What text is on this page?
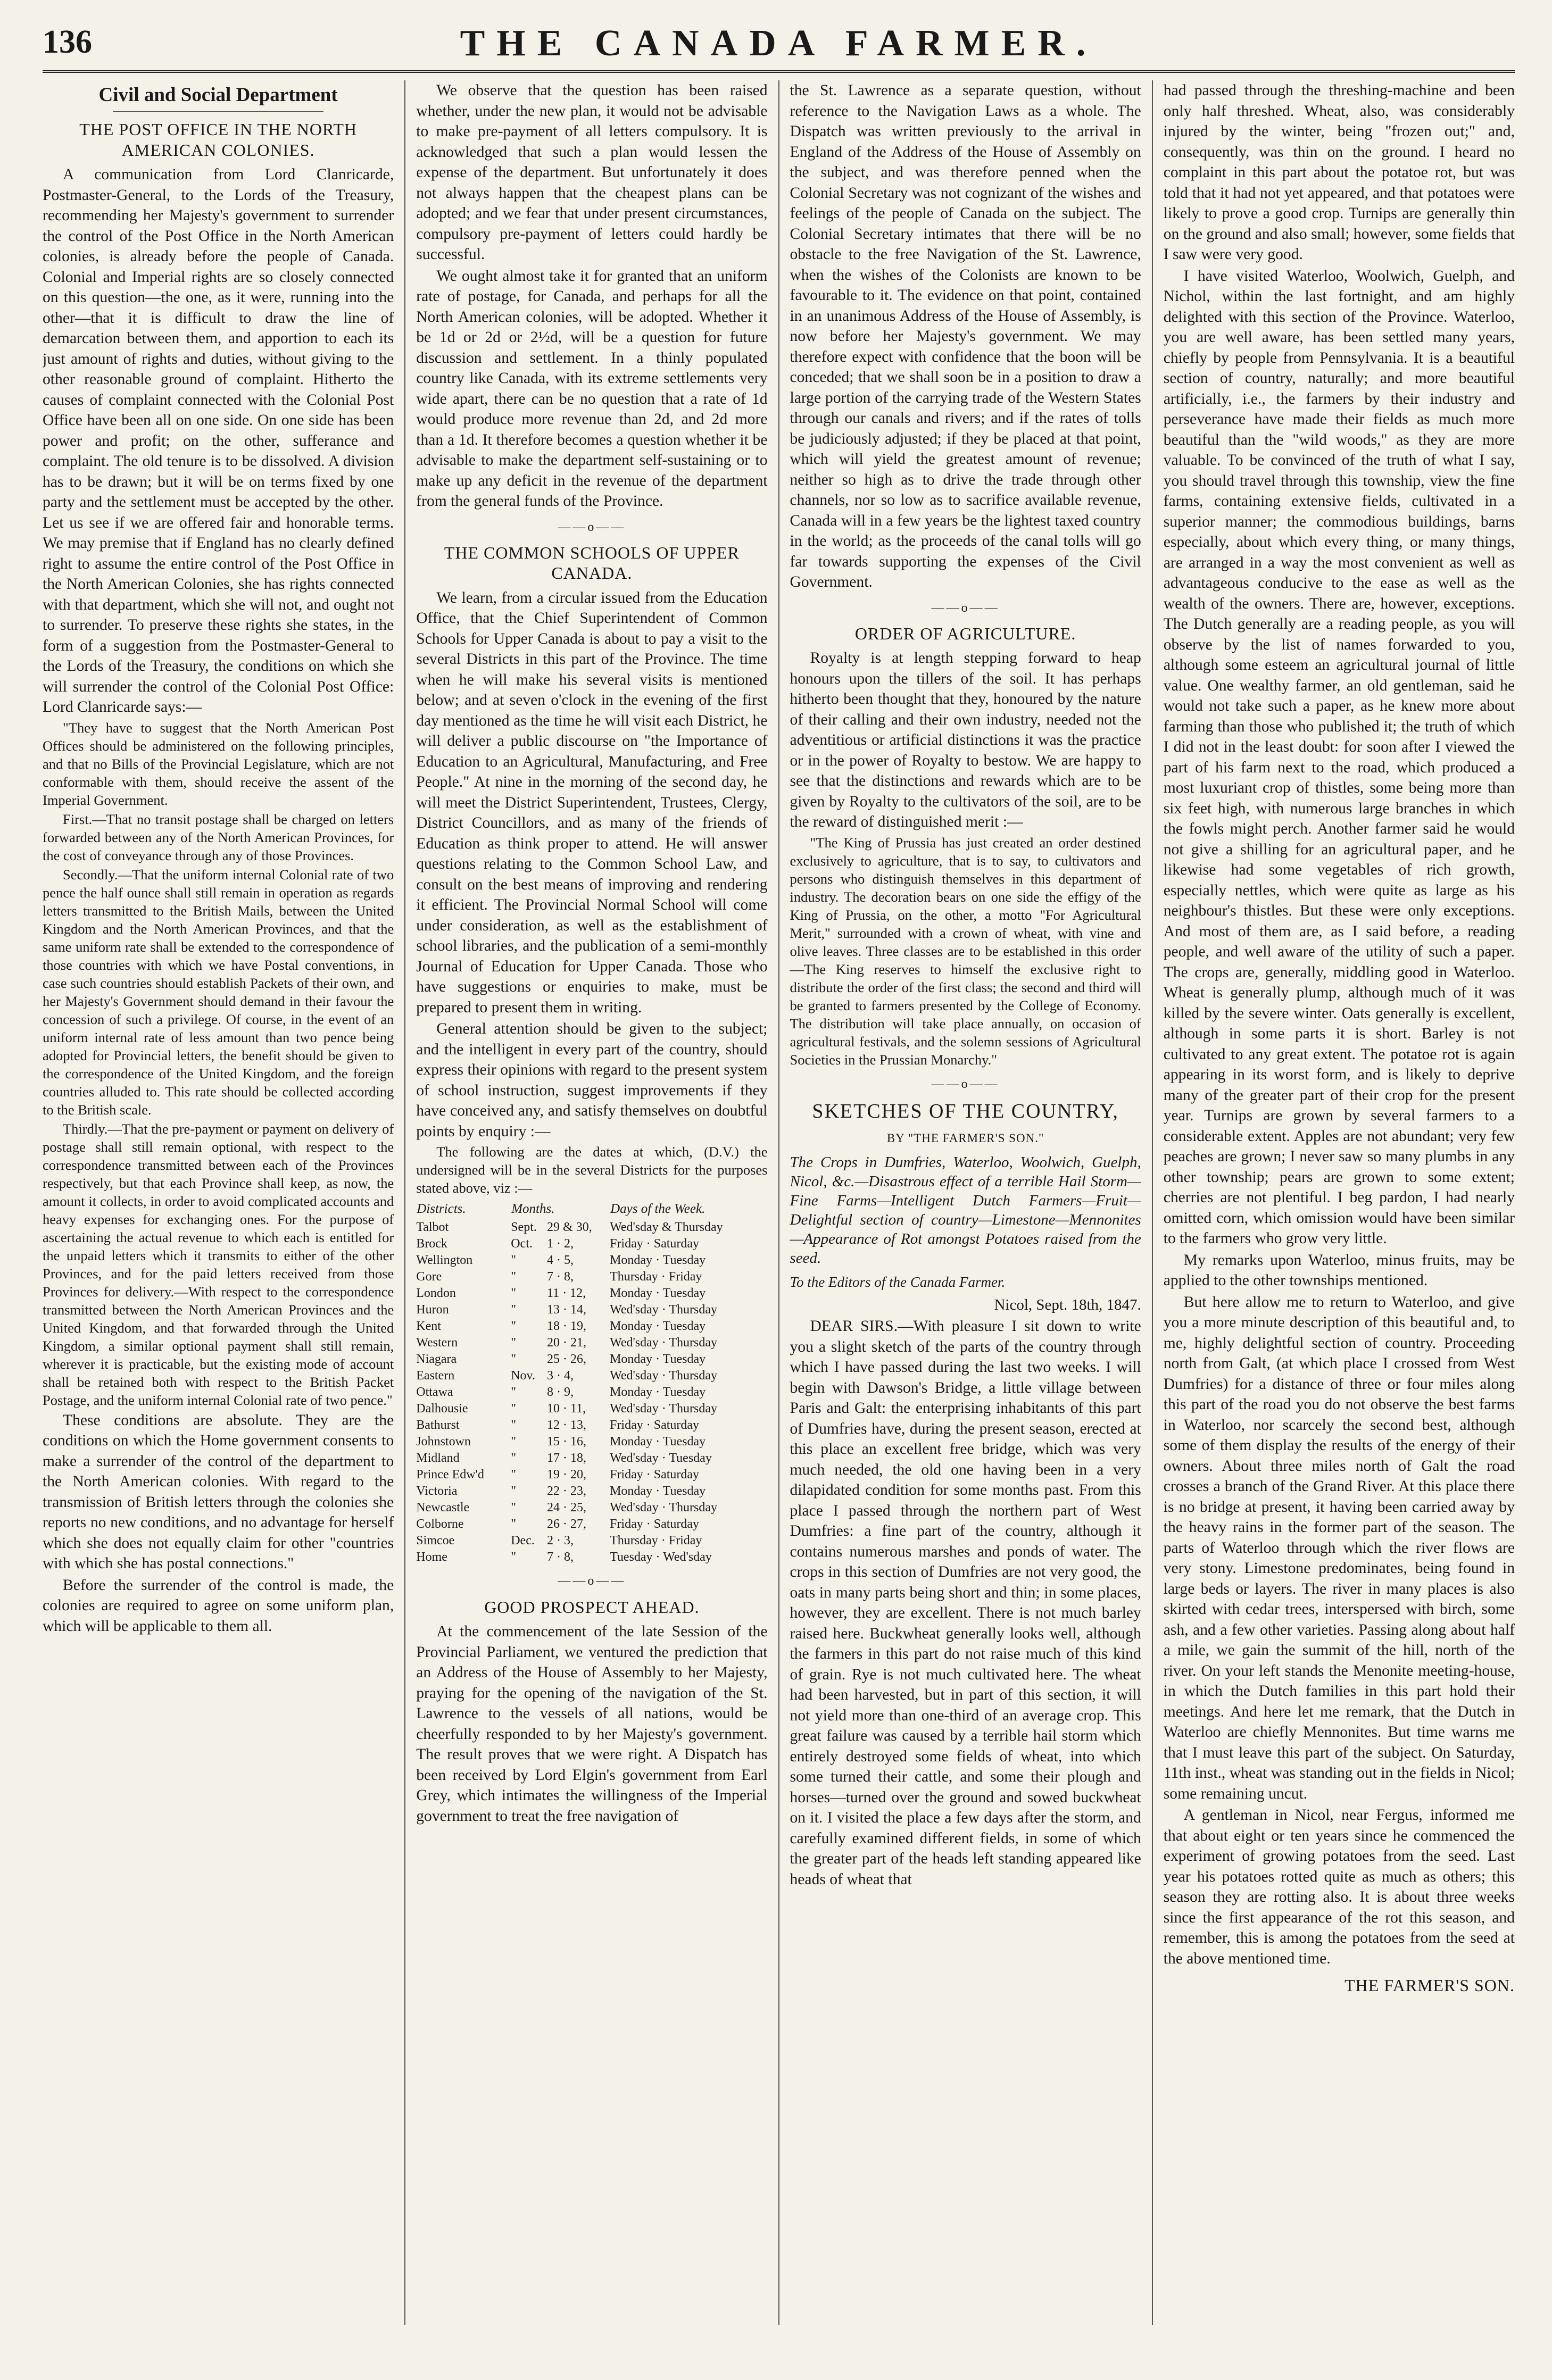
136	THE CANADA FARMER.
Civil and Social Department
THE POST OFFICE IN THE NORTH AMERICAN COLONIES.

A communication from Lord Clanricarde, Postmaster-General, to the Lords of the Treasury, recommending her Majesty's government to surrender the control of the Post Office in the North American colonies, is already before the people of Canada. Colonial and Imperial rights are so closely connected on this question—the one, as it were, running into the other—that it is difficult to draw the line of demarcation between them, and apportion to each its just amount of rights and duties, without giving to the other reasonable ground of complaint. Hitherto the causes of complaint connected with the Colonial Post Office have been all on one side. On one side has been power and profit; on the other, sufferance and complaint. The old tenure is to be dissolved. A division has to be drawn; but it will be on terms fixed by one party and the settlement must be accepted by the other. Let us see if we are offered fair and honorable terms. We may premise that if England has no clearly defined right to assume the entire control of the Post Office in the North American Colonies, she has rights connected with that department, which she will not, and ought not to surrender. To preserve these rights she states, in the form of a suggestion from the Postmaster-General to the Lords of the Treasury, the conditions on which she will surrender the control of the Colonial Post Office: Lord Clanricarde says:—

"They have to suggest that the North American Post Offices should be administered on the following principles, and that no Bills of the Provincial Legislature, which are not conformable with them, should receive the assent of the Imperial Government.

First.—That no transit postage shall be charged on letters forwarded between any of the North American Provinces, for the cost of conveyance through any of those Provinces.

Secondly.—That the uniform internal Colonial rate of two pence the half ounce shall still remain in operation as regards letters transmitted to the British Mails, between the United Kingdom and the North American Provinces, and that the same uniform rate shall be extended to the correspondence of those countries with which we have Postal conventions, in case such countries should establish Packets of their own, and her Majesty's Government should demand in their favour the concession of such a privilege. Of course, in the event of an uniform internal rate of less amount than two pence being adopted for Provincial letters, the benefit should be given to the correspondence of the United Kingdom, and the foreign countries alluded to. This rate should be collected according to the British scale.

Thirdly.—That the pre-payment or payment on delivery of postage shall still remain optional, with respect to the correspondence transmitted between each of the Provinces respectively, but that each Province shall keep, as now, the amount it collects, in order to avoid complicated accounts and heavy expenses for exchanging ones. For the purpose of ascertaining the actual revenue to which each is entitled for the unpaid letters which it transmits to either of the other Provinces, and for the paid letters received from those Provinces for delivery.—With respect to the correspondence transmitted between the North American Provinces and the United Kingdom, and that forwarded through the United Kingdom, a similar optional payment shall still remain, wherever it is practicable, but the existing mode of account shall be retained both with respect to the British Packet Postage, and the uniform internal Colonial rate of two pence."

These conditions are absolute. They are the conditions on which the Home government consents to make a surrender of the control of the department to the North American colonies. With regard to the transmission of British letters through the colonies she reports no new conditions, and no advantage for herself which she does not equally claim for other "countries with which she has postal connections."

Before the surrender of the control is made, the colonies are required to agree on some uniform plan, which will be applicable to them all.

We observe that the question has been raised whether, under the new plan, it would not be advisable to make pre-payment of all letters compulsory. It is acknowledged that such a plan would lessen the expense of the department. But unfortunately it does not always happen that the cheapest plans can be adopted; and we fear that under present circumstances, compulsory pre-payment of letters could hardly be successful.

We ought almost take it for granted that an uniform rate of postage, for Canada, and perhaps for all the North American colonies, will be adopted. Whether it be 1d or 2d or 2½d, will be a question for future discussion and settlement. In a thinly populated country like Canada, with its extreme settlements very wide apart, there can be no question that a rate of 1d would produce more revenue than 2d, and 2d more than a 1d. It therefore becomes a question whether it be advisable to make the department self-sustaining or to make up any deficit in the revenue of the department from the general funds of the Province.

——o——
THE COMMON SCHOOLS OF UPPER CANADA.

We learn, from a circular issued from the Education Office, that the Chief Superintendent of Common Schools for Upper Canada is about to pay a visit to the several Districts in this part of the Province. The time when he will make his several visits is mentioned below; and at seven o'clock in the evening of the first day mentioned as the time he will visit each District, he will deliver a public discourse on "the Importance of Education to an Agricultural, Manufacturing, and Free People." At nine in the morning of the second day, he will meet the District Superintendent, Trustees, Clergy, District Councillors, and as many of the friends of Education as think proper to attend. He will answer questions relating to the Common School Law, and consult on the best means of improving and rendering it efficient. The Provincial Normal School will come under consideration, as well as the establishment of school libraries, and the publication of a semi-monthly Journal of Education for Upper Canada. Those who have suggestions or enquiries to make, must be prepared to present them in writing.

General attention should be given to the subject; and the intelligent in every part of the country, should express their opinions with regard to the present system of school instruction, suggest improvements if they have conceived any, and satisfy themselves on doubtful points by enquiry :—

The following are the dates at which, (D.V.) the undersigned will be in the several Districts for the purposes stated above, viz :—

Districts.	Months.		Days of the Week.
Talbot	Sept.	29 & 30,	Wed'sday & Thursday
Brock	Oct.	1 · 2,	Friday · Saturday
Wellington	"	4 · 5,	Monday · Tuesday
Gore	"	7 · 8,	Thursday · Friday
London	"	11 · 12,	Monday · Tuesday
Huron	"	13 · 14,	Wed'sday · Thursday
Kent	"	18 · 19,	Monday · Tuesday
Western	"	20 · 21,	Wed'sday · Thursday
Niagara	"	25 · 26,	Monday · Tuesday
Eastern	Nov.	3 · 4,	Wed'sday · Thursday
Ottawa	"	8 · 9,	Monday · Tuesday
Dalhousie	"	10 · 11,	Wed'sday · Thursday
Bathurst	"	12 · 13,	Friday · Saturday
Johnstown	"	15 · 16,	Monday · Tuesday
Midland	"	17 · 18,	Wed'sday · Tuesday
Prince Edw'd	"	19 · 20,	Friday · Saturday
Victoria	"	22 · 23,	Monday · Tuesday
Newcastle	"	24 · 25,	Wed'sday · Thursday
Colborne	"	26 · 27,	Friday · Saturday
Simcoe	Dec.	2 · 3,	Thursday · Friday
Home	"	7 · 8,	Tuesday · Wed'sday
——o——
GOOD PROSPECT AHEAD.

At the commencement of the late Session of the Provincial Parliament, we ventured the prediction that an Address of the House of Assembly to her Majesty, praying for the opening of the navigation of the St. Lawrence to the vessels of all nations, would be cheerfully responded to by her Majesty's government. The result proves that we were right. A Dispatch has been received by Lord Elgin's government from Earl Grey, which intimates the willingness of the Imperial government to treat the free navigation of

the St. Lawrence as a separate question, without reference to the Navigation Laws as a whole. The Dispatch was written previously to the arrival in England of the Address of the House of Assembly on the subject, and was therefore penned when the Colonial Secretary was not cognizant of the wishes and feelings of the people of Canada on the subject. The Colonial Secretary intimates that there will be no obstacle to the free Navigation of the St. Lawrence, when the wishes of the Colonists are known to be favourable to it. The evidence on that point, contained in an unanimous Address of the House of Assembly, is now before her Majesty's government. We may therefore expect with confidence that the boon will be conceded; that we shall soon be in a position to draw a large portion of the carrying trade of the Western States through our canals and rivers; and if the rates of tolls be judiciously adjusted; if they be placed at that point, which will yield the greatest amount of revenue; neither so high as to drive the trade through other channels, nor so low as to sacrifice available revenue, Canada will in a few years be the lightest taxed country in the world; as the proceeds of the canal tolls will go far towards supporting the expenses of the Civil Government.

——o——
ORDER OF AGRICULTURE.

Royalty is at length stepping forward to heap honours upon the tillers of the soil. It has perhaps hitherto been thought that they, honoured by the nature of their calling and their own industry, needed not the adventitious or artificial distinctions it was the practice or in the power of Royalty to bestow. We are happy to see that the distinctions and rewards which are to be given by Royalty to the cultivators of the soil, are to be the reward of distinguished merit :—

"The King of Prussia has just created an order destined exclusively to agriculture, that is to say, to cultivators and persons who distinguish themselves in this department of industry. The decoration bears on one side the effigy of the King of Prussia, on the other, a motto "For Agricultural Merit," surrounded with a crown of wheat, with vine and olive leaves. Three classes are to be established in this order—The King reserves to himself the exclusive right to distribute the order of the first class; the second and third will be granted to farmers presented by the College of Economy. The distribution will take place annually, on occasion of agricultural festivals, and the solemn sessions of Agricultural Societies in the Prussian Monarchy."

——o——
SKETCHES OF THE COUNTRY,
BY "THE FARMER'S SON."
The Crops in Dumfries, Waterloo, Woolwich, Guelph, Nicol, &c.—Disastrous effect of a terrible Hail Storm—Fine Farms—Intelligent Dutch Farmers—Fruit—Delightful section of country—Limestone—Mennonites—Appearance of Rot amongst Potatoes raised from the seed.
To the Editors of the Canada Farmer.
Nicol, Sept. 18th, 1847.

DEAR SIRS.—With pleasure I sit down to write you a slight sketch of the parts of the country through which I have passed during the last two weeks. I will begin with Dawson's Bridge, a little village between Paris and Galt: the enterprising inhabitants of this part of Dumfries have, during the present season, erected at this place an excellent free bridge, which was very much needed, the old one having been in a very dilapidated condition for some months past. From this place I passed through the northern part of West Dumfries: a fine part of the country, although it contains numerous marshes and ponds of water. The crops in this section of Dumfries are not very good, the oats in many parts being short and thin; in some places, however, they are excellent. There is not much barley raised here. Buckwheat generally looks well, although the farmers in this part do not raise much of this kind of grain. Rye is not much cultivated here. The wheat had been harvested, but in part of this section, it will not yield more than one-third of an average crop. This great failure was caused by a terrible hail storm which entirely destroyed some fields of wheat, into which some turned their cattle, and some their plough and horses—turned over the ground and sowed buckwheat on it. I visited the place a few days after the storm, and carefully examined different fields, in some of which the greater part of the heads left standing appeared like heads of wheat that

had passed through the threshing-machine and been only half threshed. Wheat, also, was considerably injured by the winter, being "frozen out;" and, consequently, was thin on the ground. I heard no complaint in this part about the potatoe rot, but was told that it had not yet appeared, and that potatoes were likely to prove a good crop. Turnips are generally thin on the ground and also small; however, some fields that I saw were very good.

I have visited Waterloo, Woolwich, Guelph, and Nichol, within the last fortnight, and am highly delighted with this section of the Province. Waterloo, you are well aware, has been settled many years, chiefly by people from Pennsylvania. It is a beautiful section of country, naturally; and more beautiful artificially, i.e., the farmers by their industry and perseverance have made their fields as much more beautiful than the "wild woods," as they are more valuable. To be convinced of the truth of what I say, you should travel through this township, view the fine farms, containing extensive fields, cultivated in a superior manner; the commodious buildings, barns especially, about which every thing, or many things, are arranged in a way the most convenient as well as advantageous conducive to the ease as well as the wealth of the owners. There are, however, exceptions. The Dutch generally are a reading people, as you will observe by the list of names forwarded to you, although some esteem an agricultural journal of little value. One wealthy farmer, an old gentleman, said he would not take such a paper, as he knew more about farming than those who published it; the truth of which I did not in the least doubt: for soon after I viewed the part of his farm next to the road, which produced a most luxuriant crop of thistles, some being more than six feet high, with numerous large branches in which the fowls might perch. Another farmer said he would not give a shilling for an agricultural paper, and he likewise had some vegetables of rich growth, especially nettles, which were quite as large as his neighbour's thistles. But these were only exceptions. And most of them are, as I said before, a reading people, and well aware of the utility of such a paper. The crops are, generally, middling good in Waterloo. Wheat is generally plump, although much of it was killed by the severe winter. Oats generally is excellent, although in some parts it is short. Barley is not cultivated to any great extent. The potatoe rot is again appearing in its worst form, and is likely to deprive many of the greater part of their crop for the present year. Turnips are grown by several farmers to a considerable extent. Apples are not abundant; very few peaches are grown; I never saw so many plumbs in any other township; pears are grown to some extent; cherries are not plentiful. I beg pardon, I had nearly omitted corn, which omission would have been similar to the farmers who grow very little.

My remarks upon Waterloo, minus fruits, may be applied to the other townships mentioned.

But here allow me to return to Waterloo, and give you a more minute description of this beautiful and, to me, highly delightful section of country. Proceeding north from Galt, (at which place I crossed from West Dumfries) for a distance of three or four miles along this part of the road you do not observe the best farms in Waterloo, nor scarcely the second best, although some of them display the results of the energy of their owners. About three miles north of Galt the road crosses a branch of the Grand River. At this place there is no bridge at present, it having been carried away by the heavy rains in the former part of the season. The parts of Waterloo through which the river flows are very stony. Limestone predominates, being found in large beds or layers. The river in many places is also skirted with cedar trees, interspersed with birch, some ash, and a few other varieties. Passing along about half a mile, we gain the summit of the hill, north of the river. On your left stands the Menonite meeting-house, in which the Dutch families in this part hold their meetings. And here let me remark, that the Dutch in Waterloo are chiefly Mennonites. But time warns me that I must leave this part of the subject. On Saturday, 11th inst., wheat was standing out in the fields in Nicol; some remaining uncut.

A gentleman in Nicol, near Fergus, informed me that about eight or ten years since he commenced the experiment of growing potatoes from the seed. Last year his potatoes rotted quite as much as others; this season they are rotting also. It is about three weeks since the first appearance of the rot this season, and remember, this is among the potatoes from the seed at the above mentioned time.

THE FARMER'S SON.
